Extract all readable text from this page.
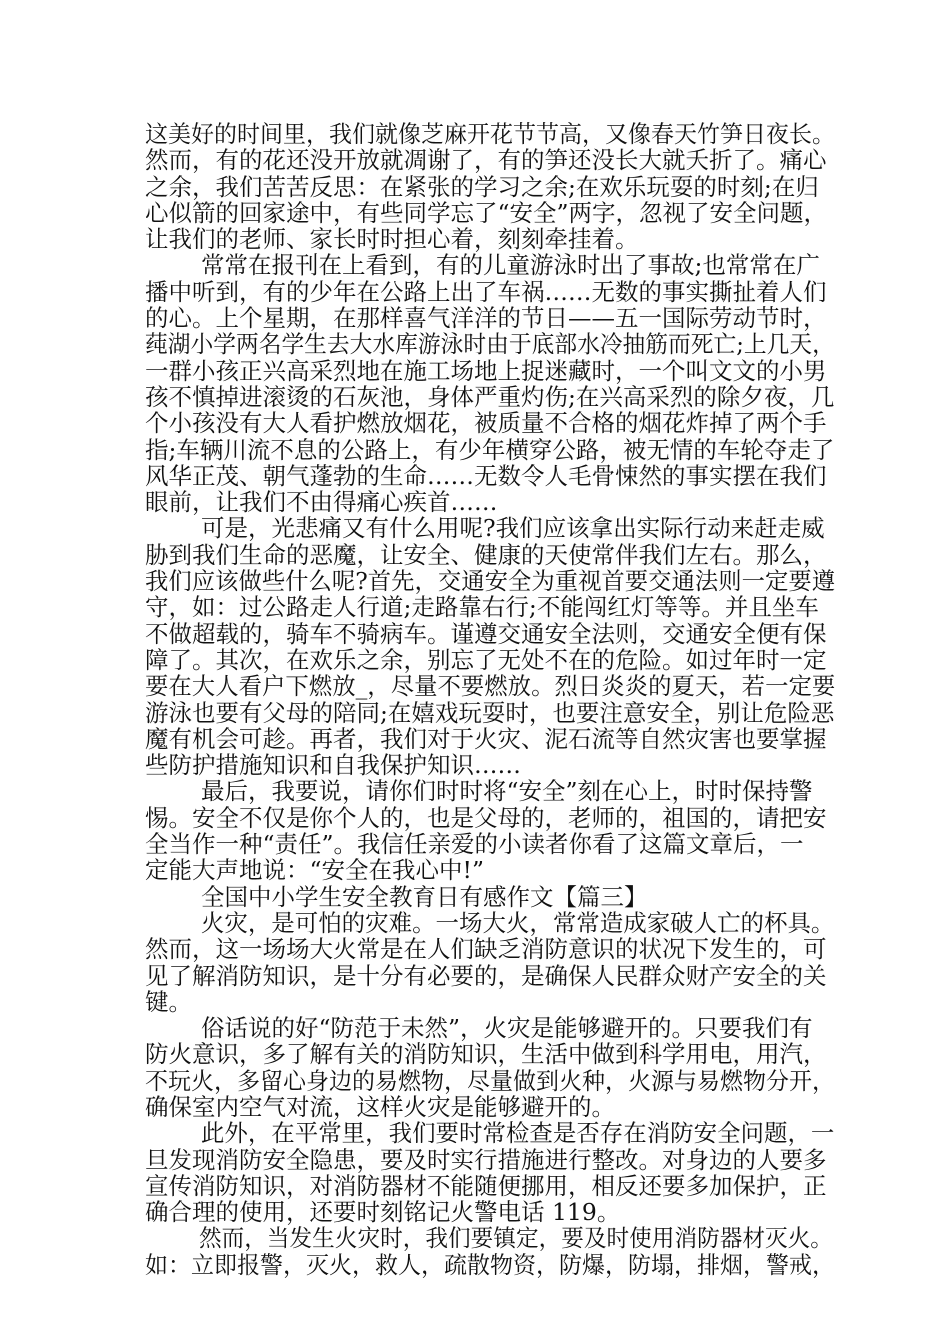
这美好的时间里，我们就像芝麻开花节节高，又像春天竹笋日夜长。
然而，有的花还没开放就凋谢了，有的笋还没长大就夭折了。痛心
之余，我们苦苦反思：在紧张的学习之余;在欢乐玩耍的时刻;在归
心似箭的回家途中，有些同学忘了“安全”两字，忽视了安全问题，
让我们的老师、家长时时担心着，刻刻牵挂着。
常常在报刊在上看到，有的儿童游泳时出了事故;也常常在广
播中听到，有的少年在公路上出了车祸……无数的事实撕扯着人们
的心。上个星期，在那样喜气洋洋的节日——五一国际劳动节时，
莼湖小学两名学生去大水库游泳时由于底部水冷抽筋而死亡;上几天，
一群小孩正兴高采烈地在施工场地上捉迷藏时，一个叫文文的小男
孩不慎掉进滚烫的石灰池，身体严重灼伤;在兴高采烈的除夕夜，几
个小孩没有大人看护燃放烟花，被质量不合格的烟花炸掉了两个手
指;车辆川流不息的公路上，有少年横穿公路，被无情的车轮夺走了
风华正茂、朝气蓬勃的生命……无数令人毛骨悚然的事实摆在我们
眼前，让我们不由得痛心疾首……
可是，光悲痛又有什么用呢?我们应该拿出实际行动来赶走威
胁到我们生命的恶魔，让安全、健康的天使常伴我们左右。那么，
我们应该做些什么呢?首先，交通安全为重视首要交通法则一定要遵
守，如：过公路走人行道;走路靠右行;不能闯红灯等等。并且坐车
不做超载的，骑车不骑病车。谨遵交通安全法则，交通安全便有保
障了。其次，在欢乐之余，别忘了无处不在的危险。如过年时一定
要在大人看户下燃放_，尽量不要燃放。烈日炎炎的夏天，若一定要
游泳也要有父母的陪同;在嬉戏玩耍时，也要注意安全，别让危险恶
魔有机会可趁。再者，我们对于火灾、泥石流等自然灾害也要掌握
些防护措施知识和自我保护知识……
最后，我要说，请你们时时将“安全”刻在心上，时时保持警
惕。安全不仅是你个人的，也是父母的，老师的，祖国的，请把安
全当作一种“责任”。我信任亲爱的小读者你看了这篇文章后，一
定能大声地说：“安全在我心中!”
全国中小学生安全教育日有感作文【篇三】
火灾，是可怕的灾难。一场大火，常常造成家破人亡的杯具。
然而，这一场场大火常是在人们缺乏消防意识的状况下发生的，可
见了解消防知识，是十分有必要的，是确保人民群众财产安全的关
键。
俗话说的好“防范于未然”，火灾是能够避开的。只要我们有
防火意识，多了解有关的消防知识，生活中做到科学用电，用汽，
不玩火，多留心身边的易燃物，尽量做到火种，火源与易燃物分开，
确保室内空气对流，这样火灾是能够避开的。
此外，在平常里，我们要时常检查是否存在消防安全问题，一
旦发现消防安全隐患，要及时实行措施进行整改。对身边的人要多
宣传消防知识，对消防器材不能随便挪用，相反还要多加保护，正
确合理的使用，还要时刻铭记火警电话 119。
然而，当发生火灾时，我们要镇定，要及时使用消防器材灭火。
如：立即报警，灭火，救人，疏散物资，防爆，防塌，排烟，警戒，
